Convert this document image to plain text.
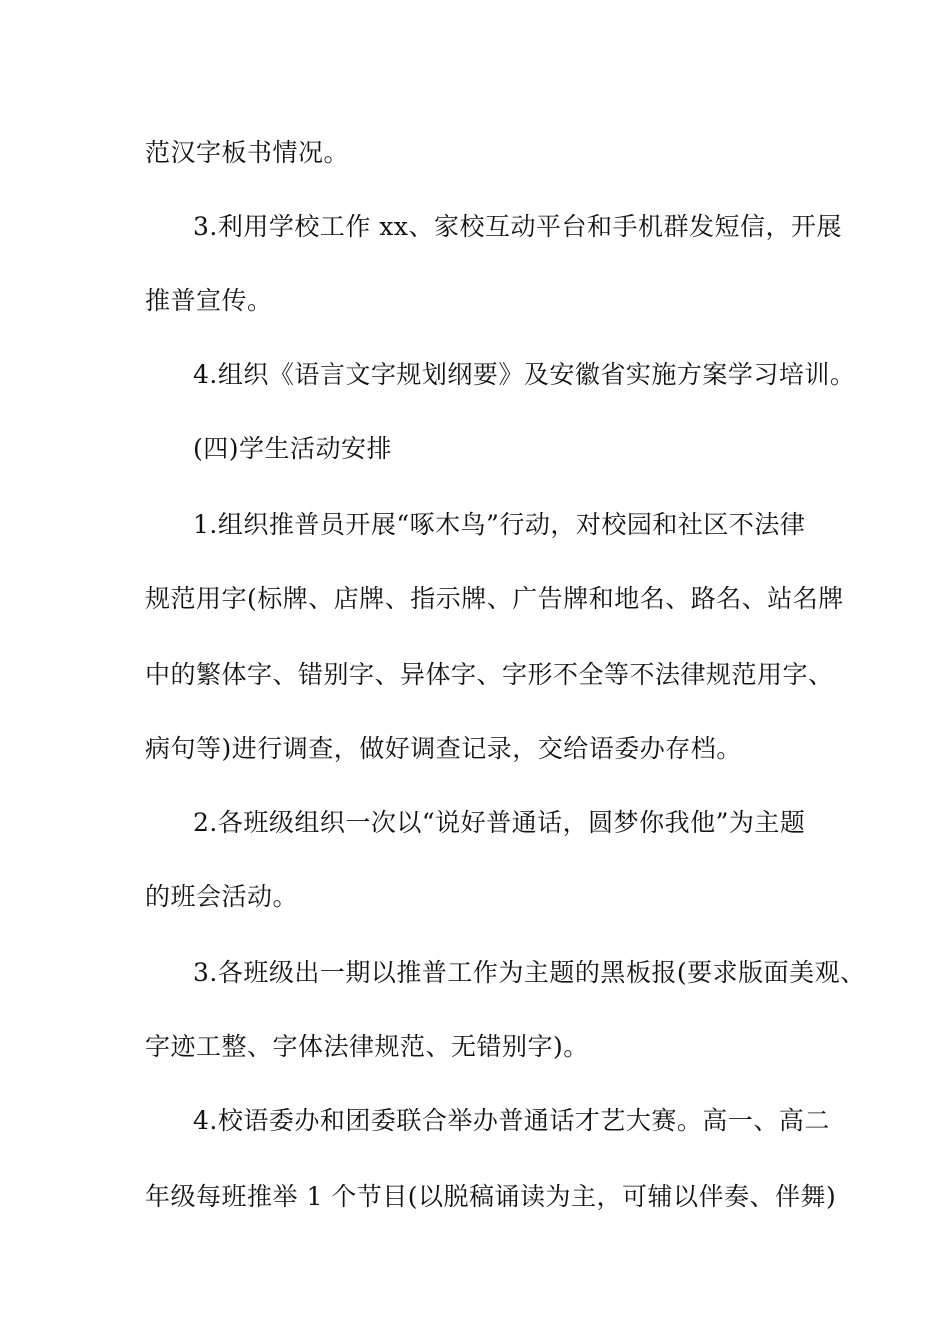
范汉字板书情况。
3.利用学校工作 xx、家校互动平台和手机群发短信，开展
推普宣传。
4.组织《语言文字规划纲要》及安徽省实施方案学习培训。
(四)学生活动安排
1.组织推普员开展“啄木鸟”行动，对校园和社区不法律
规范用字(标牌、店牌、指示牌、广告牌和地名、路名、站名牌
中的繁体字、错别字、异体字、字形不全等不法律规范用字、
病句等)进行调查，做好调查记录，交给语委办存档。
2.各班级组织一次以“说好普通话，圆梦你我他”为主题
的班会活动。
3.各班级出一期以推普工作为主题的黑板报(要求版面美观、
字迹工整、字体法律规范、无错别字)。
4.校语委办和团委联合举办普通话才艺大赛。高一、高二
年级每班推举 1 个节目(以脱稿诵读为主，可辅以伴奏、伴舞)
